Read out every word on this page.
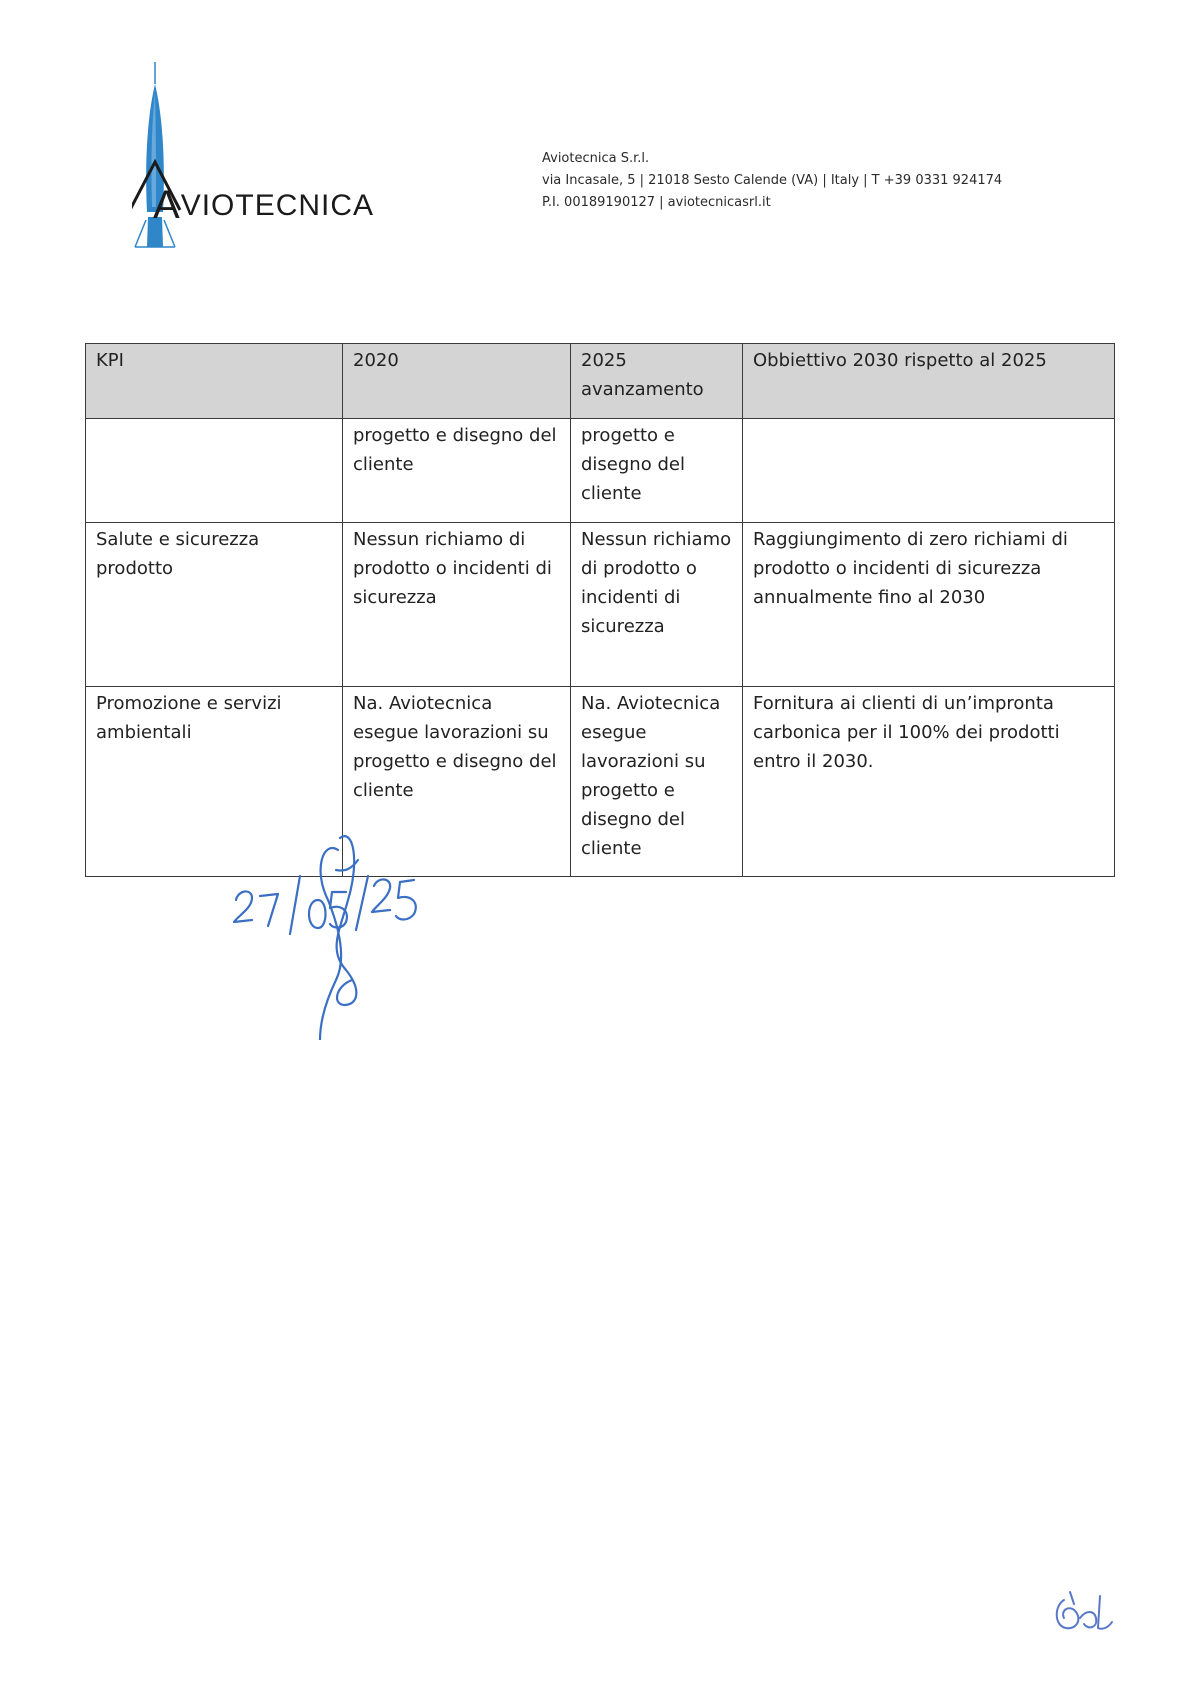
AVIOTECNICA
Aviotecnica S.r.l.
via Incasale, 5 | 21018 Sesto Calende (VA) | Italy | T +39 0331 924174
P.I. 00189190127 | aviotecnicasrl.it
KPI	2020	2025 avanzamento	Obbiettivo 2030 rispetto al 2025
	progetto e disegno del cliente	progetto e disegno del cliente	
Salute e sicurezza prodotto	Nessun richiamo di prodotto o incidenti di sicurezza	Nessun richiamo di prodotto o incidenti di sicurezza	Raggiungimento di zero richiami di prodotto o incidenti di sicurezza annualmente fino al 2030
Promozione e servizi ambientali	Na. Aviotecnica esegue lavorazioni su progetto e disegno del cliente	Na. Aviotecnica esegue lavorazioni su progetto e disegno del cliente	Fornitura ai clienti di un’impronta carbonica per il 100% dei prodotti entro il 2030.
